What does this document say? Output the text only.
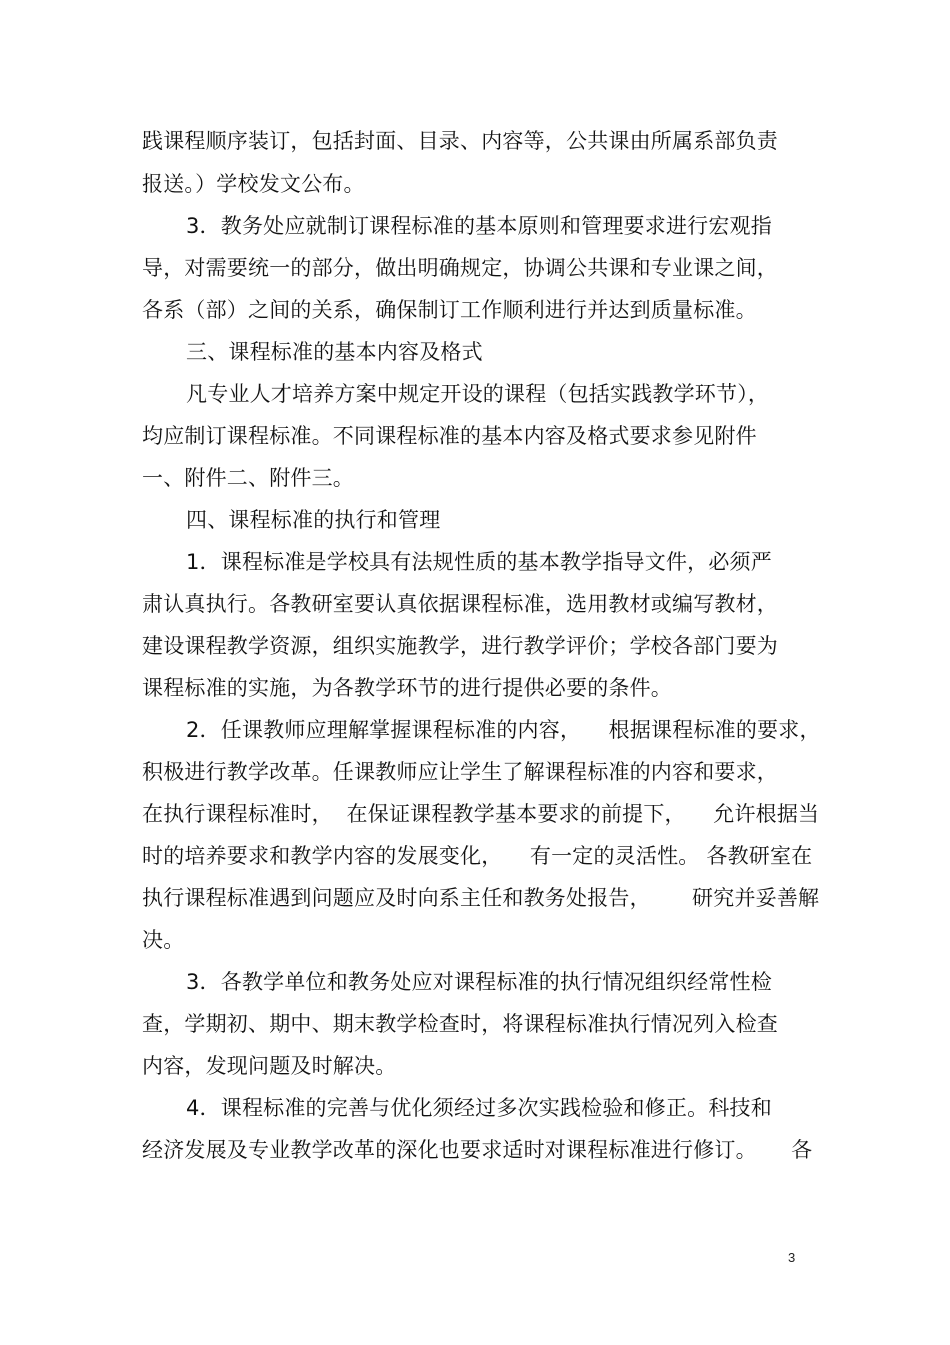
践课程顺序装订，包括封面、目录、内容等，公共课由所属系部负责
报送。）学校发文公布。
3．教务处应就制订课程标准的基本原则和管理要求进行宏观指
导，对需要统一的部分，做出明确规定，协调公共课和专业课之间，
各系（部）之间的关系，确保制订工作顺利进行并达到质量标准。
三、课程标准的基本内容及格式
凡专业人才培养方案中规定开设的课程（包括实践教学环节），
均应制订课程标准。不同课程标准的基本内容及格式要求参见附件
一、附件二、附件三。
四、课程标准的执行和管理
1．课程标准是学校具有法规性质的基本教学指导文件，必须严
肃认真执行。各教研室要认真依据课程标准，选用教材或编写教材，
建设课程教学资源，组织实施教学，进行教学评价；学校各部门要为
课程标准的实施，为各教学环节的进行提供必要的条件。
2．任课教师应理解掌握课程标准的内容，    根据课程标准的要求，
积极进行教学改革。任课教师应让学生了解课程标准的内容和要求，
在执行课程标准时，  在保证课程教学基本要求的前提下，    允许根据当
时的培养要求和教学内容的发展变化，    有一定的灵活性。 各教研室在
执行课程标准遇到问题应及时向系主任和教务处报告，      研究并妥善解
决。
3．各教学单位和教务处应对课程标准的执行情况组织经常性检
查，学期初、期中、期末教学检查时，将课程标准执行情况列入检查
内容，发现问题及时解决。
4．课程标准的完善与优化须经过多次实践检验和修正。科技和
经济发展及专业教学改革的深化也要求适时对课程标准进行修订。     各
3
